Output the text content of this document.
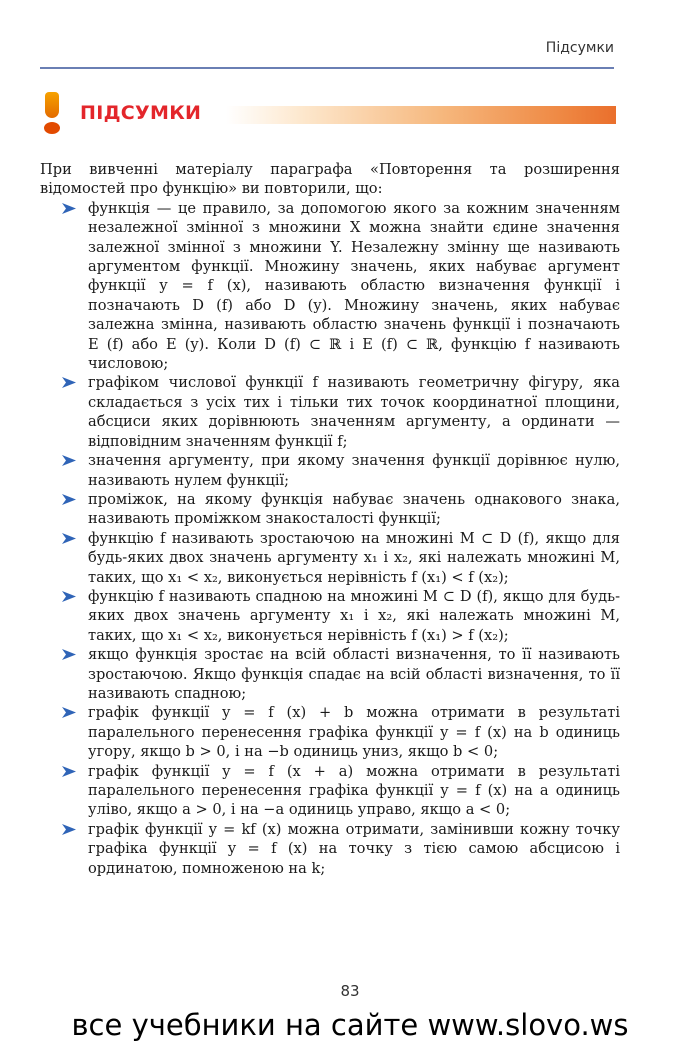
Підсумки
ПІДСУМКИ

При вивченні матеріалу параграфа «Повторення та розширення відомостей про функцію» ви повторили, що:

функція — це правило, за допомогою якого за кожним значенням незалежної змінної з множини X можна знайти єдине значення залежної змінної з множини Y. Незалежну змінну ще називають аргументом функції. Множину значень, яких набуває аргумент функції y = f (x), називають областю визначення функції і позначають D (f) або D (y). Множину значень, яких набуває залежна змінна, називають областю значень функції і позначають E (f) або E (y). Коли D (f) ⊂ ℝ і E (f) ⊂ ℝ, функцію f називають числовою;
графіком числової функції f називають геометричну фігуру, яка складається з усіх тих і тільки тих точок координатної площини, абсциси яких дорівнюють значенням аргументу, а ординати — відповідним значенням функції f;
значення аргументу, при якому значення функції дорівнює нулю, називають нулем функції;
проміжок, на якому функція набуває значень однакового знака, називають проміжком знакосталості функції;
функцію f називають зростаючою на множині M ⊂ D (f), якщо для будь-яких двох значень аргументу x₁ і x₂, які належать множині M, таких, що x₁ < x₂, виконується нерівність f (x₁) < f (x₂);
функцію f називають спадною на множині M ⊂ D (f), якщо для будь-яких двох значень аргументу x₁ і x₂, які належать множині M, таких, що x₁ < x₂, виконується нерівність f (x₁) > f (x₂);
якщо функція зростає на всій області визначення, то її називають зростаючою. Якщо функція спадає на всій області визначення, то її називають спадною;
графік функції y = f (x) + b можна отримати в результаті паралельного перенесення графіка функції y = f (x) на b одиниць угору, якщо b > 0, і на −b одиниць униз, якщо b < 0;
графік функції y = f (x + a) можна отримати в результаті паралельного перенесення графіка функції y = f (x) на a одиниць уліво, якщо a > 0, і на −a одиниць управо, якщо a < 0;
графік функції y = kf (x) можна отримати, замінивши кожну точку графіка функції y = f (x) на точку з тією самою абсцисою і ординатою, помноженою на k;
83
все учебники на сайте www.slovo.ws
